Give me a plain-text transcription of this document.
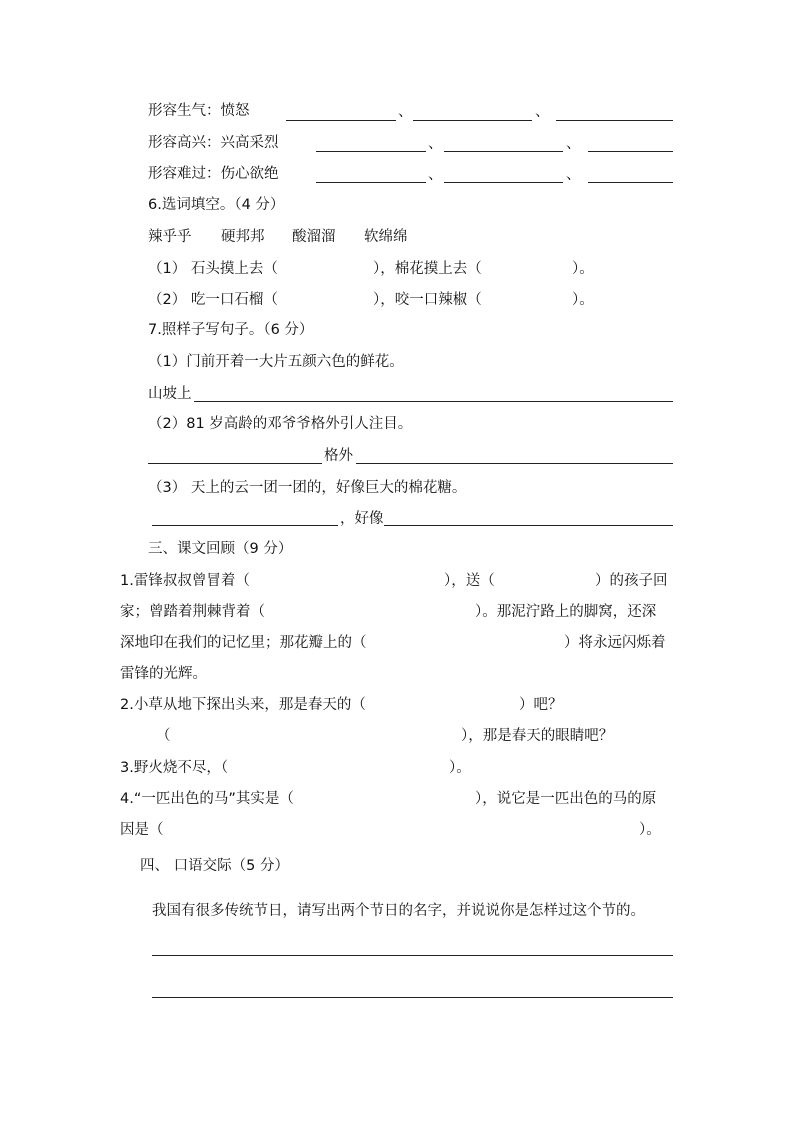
形容生气：愤怒	、	、
形容高兴：兴高采烈	、	、
形容难过：伤心欲绝	、	、
6.选词填空。（4 分）
辣乎乎 硬邦邦 酸溜溜 软绵绵
（1） 石头摸上去（	），棉花摸上去（	）。
（2） 吃一口石榴（	），咬一口辣椒（	）。
7.照样子写句子。（6 分）
（1）门前开着一大片五颜六色的鲜花。
山坡上
（2）81 岁高龄的邓爷爷格外引人注目。
格外
（3） 天上的云一团一团的，好像巨大的棉花糖。
，好像
三、课文回顾（9 分）
1.雷锋叔叔曾冒着（	），送（	）的孩子回
家；曾踏着荆棘背着（	）。那泥泞路上的脚窝，还深
深地印在我们的记忆里；那花瓣上的（	）将永远闪烁着
雷锋的光辉。
2.小草从地下探出头来，那是春天的（	）吧？
（	），那是春天的眼睛吧？
3.野火烧不尽，（	）。
4.“一匹出色的马”其实是（	），说它是一匹出色的马的原
因是（	）。
四、 口语交际（5 分）
我国有很多传统节日，请写出两个节日的名字，并说说你是怎样过这个节的。
